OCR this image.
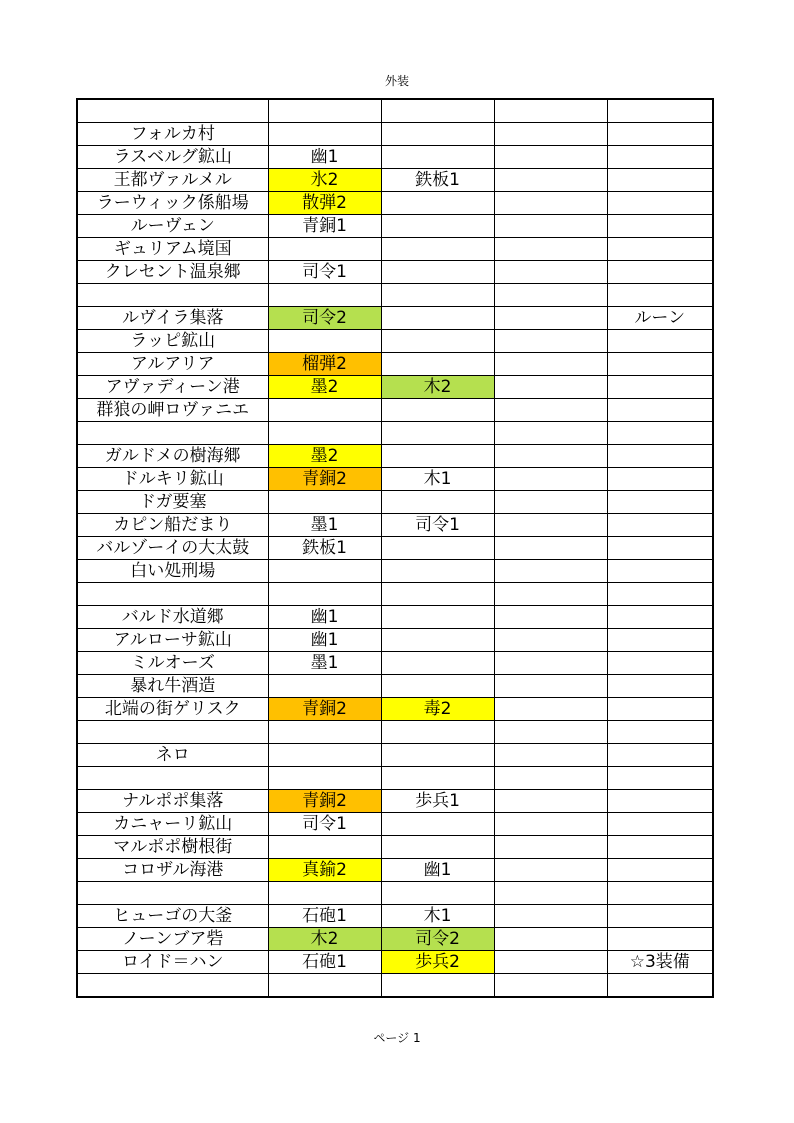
外装

フォルカ村				
ラスベルグ鉱山	幽1			
王都ヴァルメル	氷2	鉄板1		
ラーウィック係船場	散弾2			
ルーヴェン	青銅1			
ギュリアム境国				
クレセント温泉郷	司令1			

ルヴイラ集落	司令2			ルーン
ラッピ鉱山				
アルアリア	榴弾2			
アヴァディーン港	墨2	木2		
群狼の岬ロヴァニエ				

ガルドメの樹海郷	墨2			
ドルキリ鉱山	青銅2	木1		
ドガ要塞				
カピン船だまり	墨1	司令1		
バルゾーイの大太鼓	鉄板1			
白い処刑場				

バルド水道郷	幽1			
アルローサ鉱山	幽1			
ミルオーズ	墨1			
暴れ牛酒造				
北端の街ゲリスク	青銅2	毒2		

ネロ				

ナルポポ集落	青銅2	歩兵1		
カニャーリ鉱山	司令1			
マルポポ樹根街				
コロザル海港	真鍮2	幽1		

ヒューゴの大釜	石砲1	木1		
ノーンブア砦	木2	司令2		
ロイド＝ハン	石砲1	歩兵2		☆3装備

ページ 1
